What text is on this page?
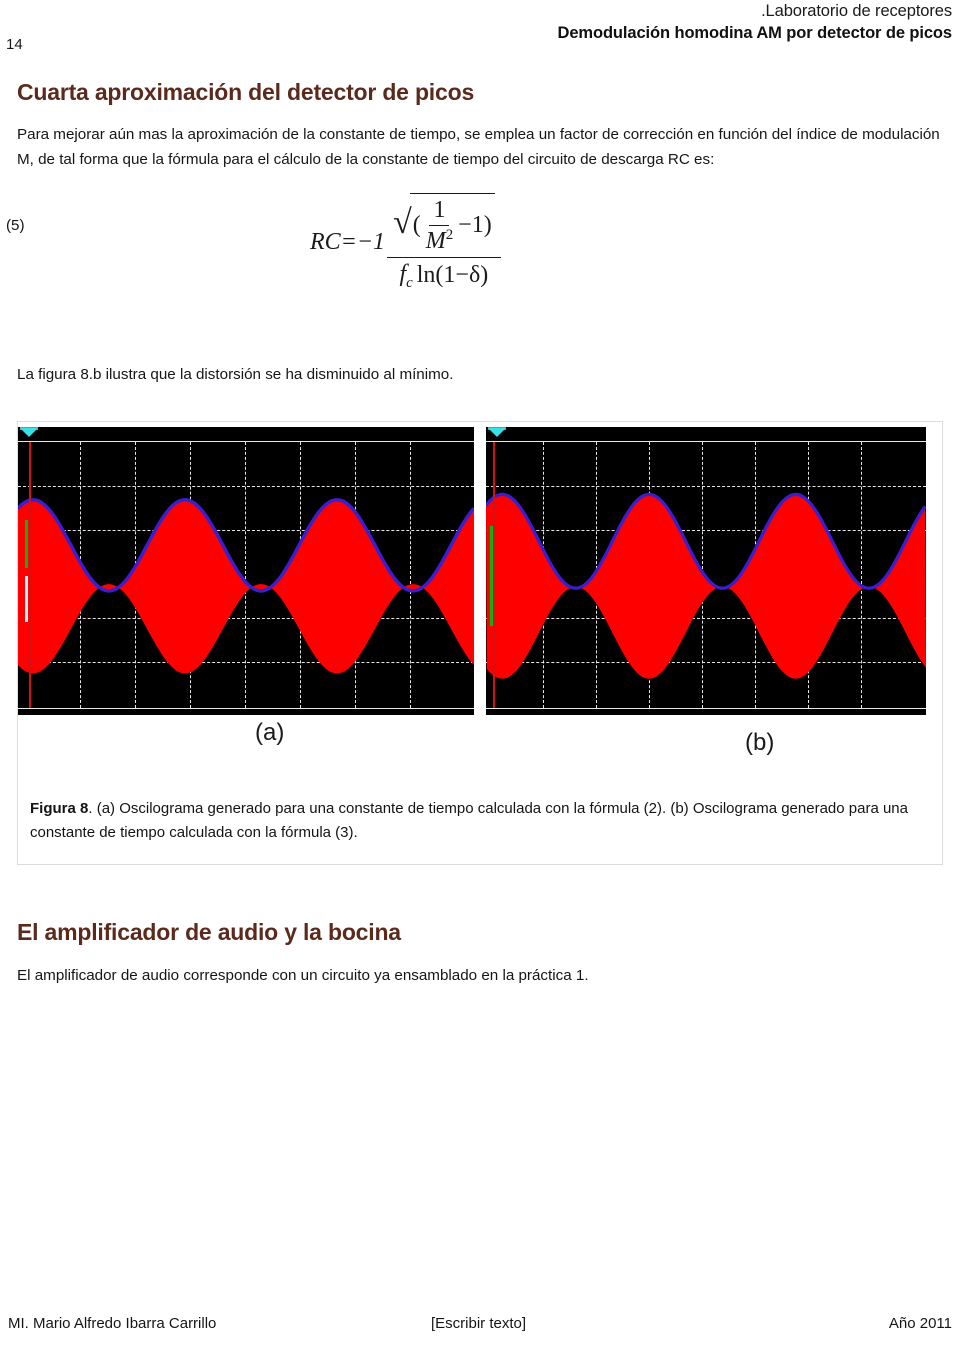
.Laboratorio de receptores
Demodulación homodina AM por detector de picos
14
Cuarta aproximación del detector de picos
Para mejorar aún mas la aproximación de la constante de tiempo, se emplea un factor de corrección en función del índice de modulación M, de tal forma que la fórmula para el cálculo de la constante de tiempo del circuito de descarga RC es:
(5)
RC=−1
√ ( $\frac{1}{M^2} -1$)
$f_c$ ln(1−δ)
La figura 8.b ilustra que la distorsión se ha disminuido al mínimo.
(a)	(b)
Figura 8. (a) Oscilograma generado para una constante de tiempo calculada con la fórmula (2). (b) Oscilograma generado para una constante de tiempo calculada con la fórmula (3).
El amplificador de audio y la bocina
El amplificador de audio corresponde con un circuito ya ensamblado en la práctica 1.
MI. Mario Alfredo Ibarra Carrillo	[Escribir texto]	Año 2011
